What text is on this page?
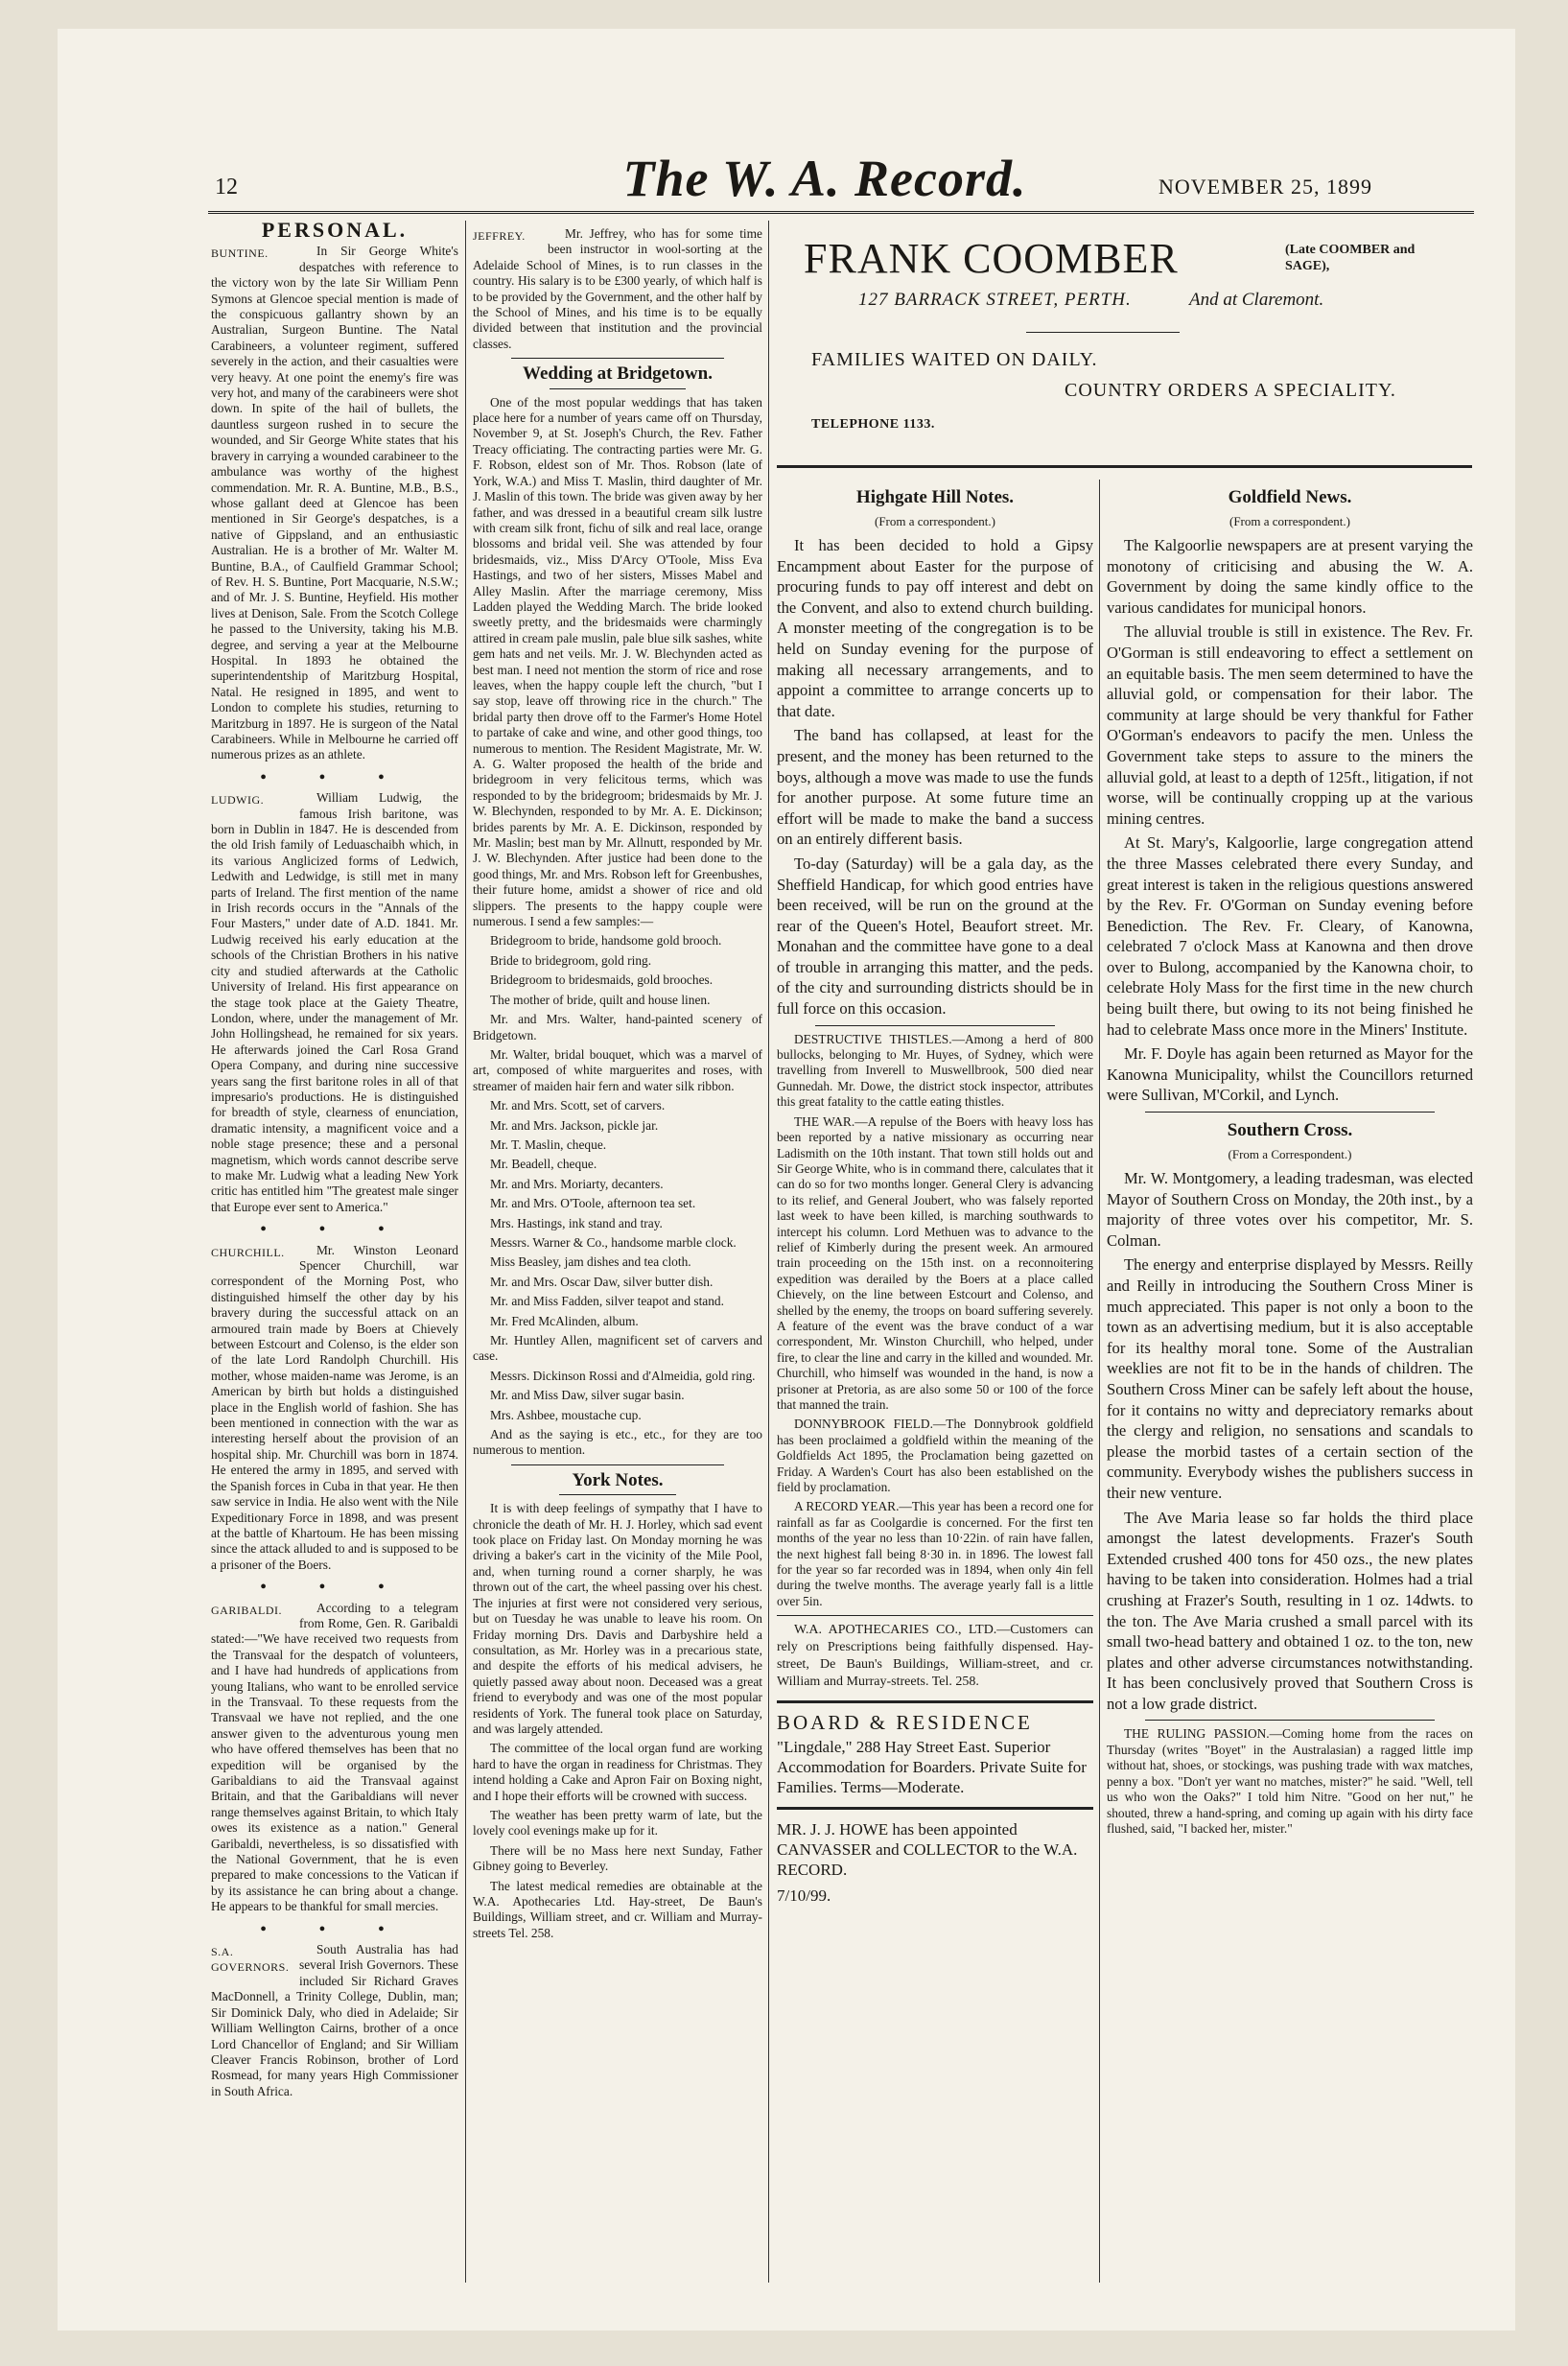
12	The W. A. Record.	NOVEMBER 25, 1899
PERSONAL.
BUNTINE.	In Sir George White's despatches with reference to the victory won by the late Sir William Penn Symons at Glencoe special mention is made of the conspicuous gallantry shown by an Australian, Surgeon Buntine. The Natal Carabineers, a volunteer regiment, suffered severely in the action, and their casualties were very heavy. At one point the enemy's fire was very hot, and many of the carabineers were shot down. In spite of the hail of bullets, the dauntless surgeon rushed in to secure the wounded, and Sir George White states that his bravery in carrying a wounded carabineer to the ambulance was worthy of the highest commendation. Mr. R. A. Buntine, M.B., B.S., whose gallant deed at Glencoe has been mentioned in Sir George's despatches, is a native of Gippsland, and an enthusiastic Australian. He is a brother of Mr. Walter M. Buntine, B.A., of Caulfield Grammar School; of Rev. H. S. Buntine, Port Macquarie, N.S.W.; and of Mr. J. S. Buntine, Heyfield. His mother lives at Denison, Sale. From the Scotch College he passed to the University, taking his M.B. degree, and serving a year at the Melbourne Hospital. In 1893 he obtained the superintendentship of Maritzburg Hospital, Natal. He resigned in 1895, and went to London to complete his studies, returning to Maritzburg in 1897. He is surgeon of the Natal Carabineers. While in Melbourne he carried off numerous prizes as an athlete.
● ● ●
LUDWIG.	William Ludwig, the famous Irish baritone, was born in Dublin in 1847. He is descended from the old Irish family of Leduaschaibh which, in its various Anglicized forms of Ledwich, Ledwith and Ledwidge, is still met in many parts of Ireland. The first mention of the name in Irish records occurs in the "Annals of the Four Masters," under date of A.D. 1841. Mr. Ludwig received his early education at the schools of the Christian Brothers in his native city and studied afterwards at the Catholic University of Ireland. His first appearance on the stage took place at the Gaiety Theatre, London, where, under the management of Mr. John Hollingshead, he remained for six years. He afterwards joined the Carl Rosa Grand Opera Company, and during nine successive years sang the first baritone roles in all of that impresario's productions. He is distinguished for breadth of style, clearness of enunciation, dramatic intensity, a magnificent voice and a noble stage presence; these and a personal magnetism, which words cannot describe serve to make Mr. Ludwig what a leading New York critic has entitled him "The greatest male singer that Europe ever sent to America."
● ● ●
CHURCHILL.	Mr. Winston Leonard Spencer Churchill, war correspondent of the Morning Post, who distinguished himself the other day by his bravery during the successful attack on an armoured train made by Boers at Chievely between Estcourt and Colenso, is the elder son of the late Lord Randolph Churchill. His mother, whose maiden-name was Jerome, is an American by birth but holds a distinguished place in the English world of fashion. She has been mentioned in connection with the war as interesting herself about the provision of an hospital ship. Mr. Churchill was born in 1874. He entered the army in 1895, and served with the Spanish forces in Cuba in that year. He then saw service in India. He also went with the Nile Expeditionary Force in 1898, and was present at the battle of Khartoum. He has been missing since the attack alluded to and is supposed to be a prisoner of the Boers.
● ● ●
GARIBALDI.	According to a telegram from Rome, Gen. R. Garibaldi stated:—"We have received two requests from the Transvaal for the despatch of volunteers, and I have had hundreds of applications from young Italians, who want to be enrolled service in the Transvaal. To these requests from the Transvaal we have not replied, and the one answer given to the adventurous young men who have offered themselves has been that no expedition will be organised by the Garibaldians to aid the Transvaal against Britain, and that the Garibaldians will never range themselves against Britain, to which Italy owes its existence as a nation." General Garibaldi, nevertheless, is so dissatisfied with the National Government, that he is even prepared to make concessions to the Vatican if by its assistance he can bring about a change. He appears to be thankful for small mercies.
● ● ●
S.A. GOVERNORS.
South Australia has had several Irish Governors. These included Sir Richard Graves MacDonnell, a Trinity College, Dublin, man; Sir Dominick Daly, who died in Adelaide; Sir William Wellington Cairns, brother of a once Lord Chancellor of England; and Sir William Cleaver Francis Robinson, brother of Lord Rosmead, for many years High Commissioner in South Africa.
JEFFREY.	Mr. Jeffrey, who has for some time been instructor in wool-sorting at the Adelaide School of Mines, is to run classes in the country. His salary is to be £300 yearly, of which half is to be provided by the Government, and the other half by the School of Mines, and his time is to be equally divided between that institution and the provincial classes.
Wedding at Bridgetown.
One of the most popular weddings that has taken place here for a number of years came off on Thursday, November 9, at St. Joseph's Church, the Rev. Father Treacy officiating. The contracting parties were Mr. G. F. Robson, eldest son of Mr. Thos. Robson (late of York, W.A.) and Miss T. Maslin, third daughter of Mr. J. Maslin of this town. The bride was given away by her father, and was dressed in a beautiful cream silk lustre with cream silk front, fichu of silk and real lace, orange blossoms and bridal veil. She was attended by four bridesmaids, viz., Miss D'Arcy O'Toole, Miss Eva Hastings, and two of her sisters, Misses Mabel and Alley Maslin. After the marriage ceremony, Miss Ladden played the Wedding March. The bride looked sweetly pretty, and the bridesmaids were charmingly attired in cream pale muslin, pale blue silk sashes, white gem hats and net veils. Mr. J. W. Blechynden acted as best man. I need not mention the storm of rice and rose leaves, when the happy couple left the church, "but I say stop, leave off throwing rice in the church." The bridal party then drove off to the Farmer's Home Hotel to partake of cake and wine, and other good things, too numerous to mention. The Resident Magistrate, Mr. W. A. G. Walter proposed the health of the bride and bridegroom in very felicitous terms, which was responded to by the bridegroom; bridesmaids by Mr. J. W. Blechynden, responded to by Mr. A. E. Dickinson; brides parents by Mr. A. E. Dickinson, responded by Mr. Maslin; best man by Mr. Allnutt, responded by Mr. J. W. Blechynden. After justice had been done to the good things, Mr. and Mrs. Robson left for Greenbushes, their future home, amidst a shower of rice and old slippers. The presents to the happy couple were numerous. I send a few samples:—
Bridegroom to bride, handsome gold brooch.
Bride to bridegroom, gold ring.
Bridegroom to bridesmaids, gold brooches.
The mother of bride, quilt and house linen.
Mr. and Mrs. Walter, hand-painted scenery of Bridgetown.
Mr. Walter, bridal bouquet, which was a marvel of art, composed of white marguerites and roses, with streamer of maiden hair fern and water silk ribbon.
Mr. and Mrs. Scott, set of carvers.
Mr. and Mrs. Jackson, pickle jar.
Mr. T. Maslin, cheque.
Mr. Beadell, cheque.
Mr. and Mrs. Moriarty, decanters.
Mr. and Mrs. O'Toole, afternoon tea set.
Mrs. Hastings, ink stand and tray.
Messrs. Warner & Co., handsome marble clock.
Miss Beasley, jam dishes and tea cloth.
Mr. and Mrs. Oscar Daw, silver butter dish.
Mr. and Miss Fadden, silver teapot and stand.
Mr. Fred McAlinden, album.
Mr. Huntley Allen, magnificent set of carvers and case.
Messrs. Dickinson Rossi and d'Almeidia, gold ring.
Mr. and Miss Daw, silver sugar basin.
Mrs. Ashbee, moustache cup.
And as the saying is etc., etc., for they are too numerous to mention.
York Notes.
It is with deep feelings of sympathy that I have to chronicle the death of Mr. H. J. Horley, which sad event took place on Friday last. On Monday morning he was driving a baker's cart in the vicinity of the Mile Pool, and, when turning round a corner sharply, he was thrown out of the cart, the wheel passing over his chest. The injuries at first were not considered very serious, but on Tuesday he was unable to leave his room. On Friday morning Drs. Davis and Darbyshire held a consultation, as Mr. Horley was in a precarious state, and despite the efforts of his medical advisers, he quietly passed away about noon. Deceased was a great friend to everybody and was one of the most popular residents of York. The funeral took place on Saturday, and was largely attended.
The committee of the local organ fund are working hard to have the organ in readiness for Christmas. They intend holding a Cake and Apron Fair on Boxing night, and I hope their efforts will be crowned with success.
The weather has been pretty warm of late, but the lovely cool evenings make up for it.
There will be no Mass here next Sunday, Father Gibney going to Beverley.
The latest medical remedies are obtainable at the W.A. Apothecaries Ltd. Hay-street, De Baun's Buildings, William street, and cr. William and Murray-streets Tel. 258.
FRANK COOMBER	(Late COOMBER and SAGE),
127 BARRACK STREET, PERTH.	And at Claremont.
FAMILIES WAITED ON DAILY.
COUNTRY ORDERS A SPECIALITY.
TELEPHONE 1133.
Highgate Hill Notes.
(From a correspondent.)
It has been decided to hold a Gipsy Encampment about Easter for the purpose of procuring funds to pay off interest and debt on the Convent, and also to extend church building. A monster meeting of the congregation is to be held on Sunday evening for the purpose of making all necessary arrangements, and to appoint a committee to arrange concerts up to that date.
The band has collapsed, at least for the present, and the money has been returned to the boys, although a move was made to use the funds for another purpose. At some future time an effort will be made to make the band a success on an entirely different basis.
To-day (Saturday) will be a gala day, as the Sheffield Handicap, for which good entries have been received, will be run on the ground at the rear of the Queen's Hotel, Beaufort street. Mr. Monahan and the committee have gone to a deal of trouble in arranging this matter, and the peds. of the city and surrounding districts should be in full force on this occasion.
DESTRUCTIVE THISTLES.—Among a herd of 800 bullocks, belonging to Mr. Huyes, of Sydney, which were travelling from Inverell to Muswellbrook, 500 died near Gunnedah. Mr. Dowe, the district stock inspector, attributes this great fatality to the cattle eating thistles.
THE WAR.—A repulse of the Boers with heavy loss has been reported by a native missionary as occurring near Ladismith on the 10th instant. That town still holds out and Sir George White, who is in command there, calculates that it can do so for two months longer. General Clery is advancing to its relief, and General Joubert, who was falsely reported last week to have been killed, is marching southwards to intercept his column. Lord Methuen was to advance to the relief of Kimberly during the present week. An armoured train proceeding on the 15th inst. on a reconnoitering expedition was derailed by the Boers at a place called Chievely, on the line between Estcourt and Colenso, and shelled by the enemy, the troops on board suffering severely. A feature of the event was the brave conduct of a war correspondent, Mr. Winston Churchill, who helped, under fire, to clear the line and carry in the killed and wounded. Mr. Churchill, who himself was wounded in the hand, is now a prisoner at Pretoria, as are also some 50 or 100 of the force that manned the train.
DONNYBROOK FIELD.—The Donnybrook goldfield has been proclaimed a goldfield within the meaning of the Goldfields Act 1895, the Proclamation being gazetted on Friday. A Warden's Court has also been established on the field by proclamation.
A RECORD YEAR.—This year has been a record one for rainfall as far as Coolgardie is concerned. For the first ten months of the year no less than 10·22in. of rain have fallen, the next highest fall being 8·30 in. in 1896. The lowest fall for the year so far recorded was in 1894, when only 4in fell during the twelve months. The average yearly fall is a little over 5in.
W.A. APOTHECARIES CO., LTD.—Customers can rely on Prescriptions being faithfully dispensed. Hay-street, De Baun's Buildings, William-street, and cr. William and Murray-streets. Tel. 258.
BOARD & RESIDENCE
"Lingdale," 288 Hay Street East. Superior Accommodation for Boarders. Private Suite for Families. Terms—Moderate.
MR. J. J. HOWE has been appointed CANVASSER and COLLECTOR to the W.A. RECORD.
7/10/99.
Goldfield News.
(From a correspondent.)
The Kalgoorlie newspapers are at present varying the monotony of criticising and abusing the W. A. Government by doing the same kindly office to the various candidates for municipal honors.
The alluvial trouble is still in existence. The Rev. Fr. O'Gorman is still endeavoring to effect a settlement on an equitable basis. The men seem determined to have the alluvial gold, or compensation for their labor. The community at large should be very thankful for Father O'Gorman's endeavors to pacify the men. Unless the Government take steps to assure to the miners the alluvial gold, at least to a depth of 125ft., litigation, if not worse, will be continually cropping up at the various mining centres.
At St. Mary's, Kalgoorlie, large congregation attend the three Masses celebrated there every Sunday, and great interest is taken in the religious questions answered by the Rev. Fr. O'Gorman on Sunday evening before Benediction. The Rev. Fr. Cleary, of Kanowna, celebrated 7 o'clock Mass at Kanowna and then drove over to Bulong, accompanied by the Kanowna choir, to celebrate Holy Mass for the first time in the new church being built there, but owing to its not being finished he had to celebrate Mass once more in the Miners' Institute.
Mr. F. Doyle has again been returned as Mayor for the Kanowna Municipality, whilst the Councillors returned were Sullivan, M'Corkil, and Lynch.
Southern Cross.
(From a Correspondent.)
Mr. W. Montgomery, a leading tradesman, was elected Mayor of Southern Cross on Monday, the 20th inst., by a majority of three votes over his competitor, Mr. S. Colman.
The energy and enterprise displayed by Messrs. Reilly and Reilly in introducing the Southern Cross Miner is much appreciated. This paper is not only a boon to the town as an advertising medium, but it is also acceptable for its healthy moral tone. Some of the Australian weeklies are not fit to be in the hands of children. The Southern Cross Miner can be safely left about the house, for it contains no witty and depreciatory remarks about the clergy and religion, no sensations and scandals to please the morbid tastes of a certain section of the community. Everybody wishes the publishers success in their new venture.
The Ave Maria lease so far holds the third place amongst the latest developments. Frazer's South Extended crushed 400 tons for 450 ozs., the new plates having to be taken into consideration. Holmes had a trial crushing at Frazer's South, resulting in 1 oz. 14dwts. to the ton. The Ave Maria crushed a small parcel with its small two-head battery and obtained 1 oz. to the ton, new plates and other adverse circumstances notwithstanding. It has been conclusively proved that Southern Cross is not a low grade district.
THE RULING PASSION.—Coming home from the races on Thursday (writes "Boyet" in the Australasian) a ragged little imp without hat, shoes, or stockings, was pushing trade with wax matches, penny a box. "Don't yer want no matches, mister?" he said. "Well, tell us who won the Oaks?" I told him Nitre. "Good on her nut," he shouted, threw a hand-spring, and coming up again with his dirty face flushed, said, "I backed her, mister."
